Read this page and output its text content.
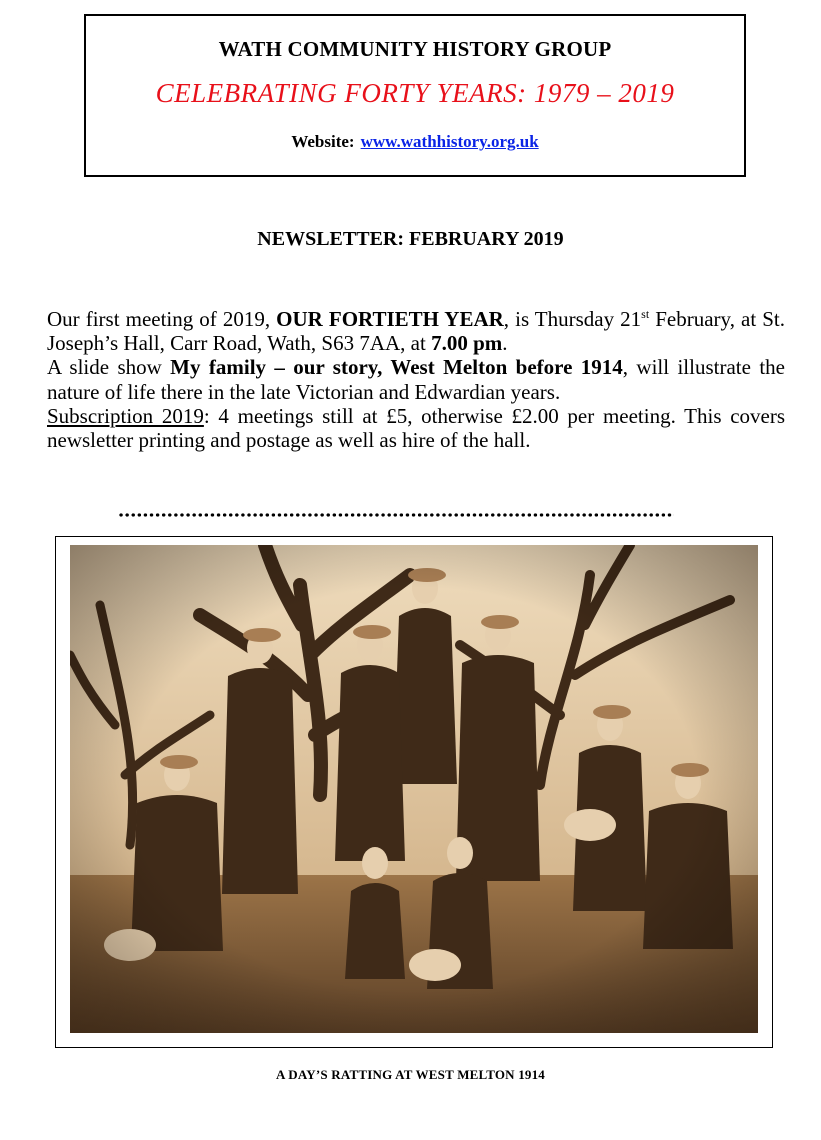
WATH COMMUNITY HISTORY GROUP
CELEBRATING FORTY YEARS: 1979 – 2019
Website: www.wathhistory.org.uk
NEWSLETTER: FEBRUARY 2019

Our first meeting of 2019, OUR FORTIETH YEAR, is Thursday 21st February, at St. Joseph’s Hall, Carr Road, Wath, S63 7AA, at 7.00 pm.

A slide show My family – our story, West Melton before 1914, will illustrate the nature of life there in the late Victorian and Edwardian years.

Subscription 2019: 4 meetings still at £5, otherwise £2.00 per meeting. This covers newsletter printing and postage as well as hire of the hall.

A DAY’S RATTING AT WEST MELTON 1914
